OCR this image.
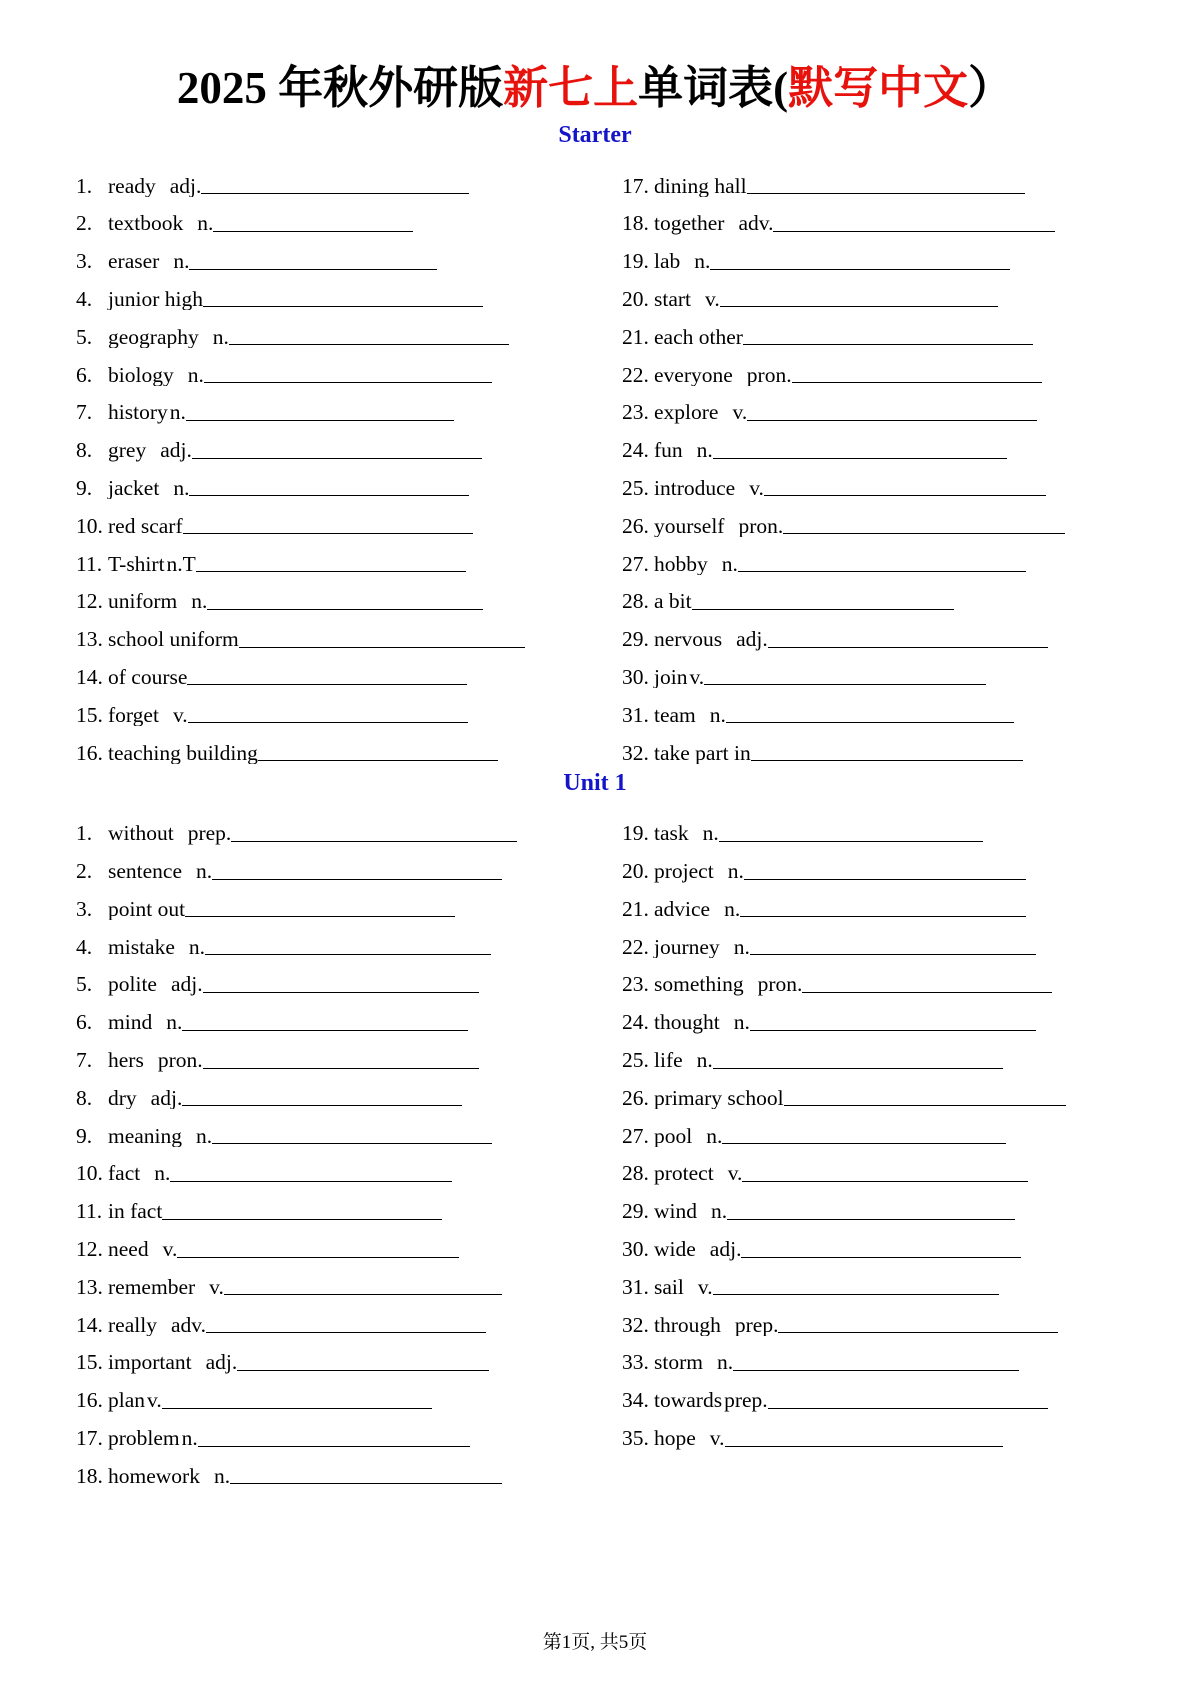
2025 年秋外研版新七上单词表(默写中文）
Starter
1. ready adj.
2. textbook n.
3. eraser n.
4. junior high
5. geography n.
6. biology n.
7. history n.
8. grey adj.
9. jacket n.
10. red scarf
11. T-shirt n.T
12. uniform n.
13. school uniform
14. of course
15. forget v.
16. teaching building
17. dining hall
18. together adv.
19. lab n.
20. start v.
21. each other
22. everyone pron.
23. explore v.
24. fun n.
25. introduce v.
26. yourself pron.
27. hobby n.
28. a bit
29. nervous adj.
30. join v.
31. team n.
32. take part in
Unit 1
1. without prep.
2. sentence n.
3. point out
4. mistake n.
5. polite adj.
6. mind n.
7. hers pron.
8. dry adj.
9. meaning n.
10. fact n.
11. in fact
12. need v.
13. remember v.
14. really adv.
15. important adj.
16. plan v.
17. problem n.
18. homework n.
19. task n.
20. project n.
21. advice n.
22. journey n.
23. something pron.
24. thought n.
25. life n.
26. primary school
27. pool n.
28. protect v.
29. wind n.
30. wide adj.
31. sail v.
32. through prep.
33. storm n.
34. towards prep.
35. hope v.
第1页, 共5页
